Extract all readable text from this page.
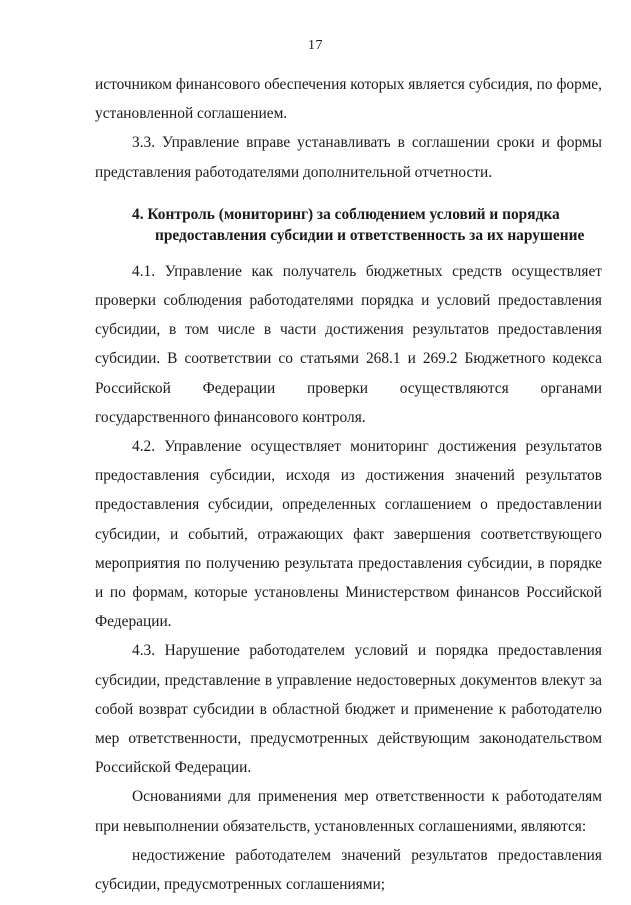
17

источником финансового обеспечения которых является субсидия, по форме, установленной соглашением.

3.3. Управление вправе устанавливать в соглашении сроки и формы представления работодателями дополнительной отчетности.

4. Контроль (мониторинг) за соблюдением условий и порядка
предоставления субсидии и ответственность за их нарушение

4.1. Управление как получатель бюджетных средств осуществляет проверки соблюдения работодателями порядка и условий предоставления субсидии, в том числе в части достижения результатов предоставления субсидии. В соответствии со статьями 268.1 и 269.2 Бюджетного кодекса Российской Федерации проверки осуществляются органами государственного финансового контроля.

4.2. Управление осуществляет мониторинг достижения результатов предоставления субсидии, исходя из достижения значений результатов предоставления субсидии, определенных соглашением о предоставлении субсидии, и событий, отражающих факт завершения соответствующего мероприятия по получению результата предоставления субсидии, в порядке и по формам, которые установлены Министерством финансов Российской Федерации.

4.3. Нарушение работодателем условий и порядка предоставления субсидии, представление в управление недостоверных документов влекут за собой возврат субсидии в областной бюджет и применение к работодателю мер ответственности, предусмотренных действующим законодательством Российской Федерации.

Основаниями для применения мер ответственности к работодателям при невыполнении обязательств, установленных соглашениями, являются:

недостижение работодателем значений результатов предоставления субсидии, предусмотренных соглашениями;
